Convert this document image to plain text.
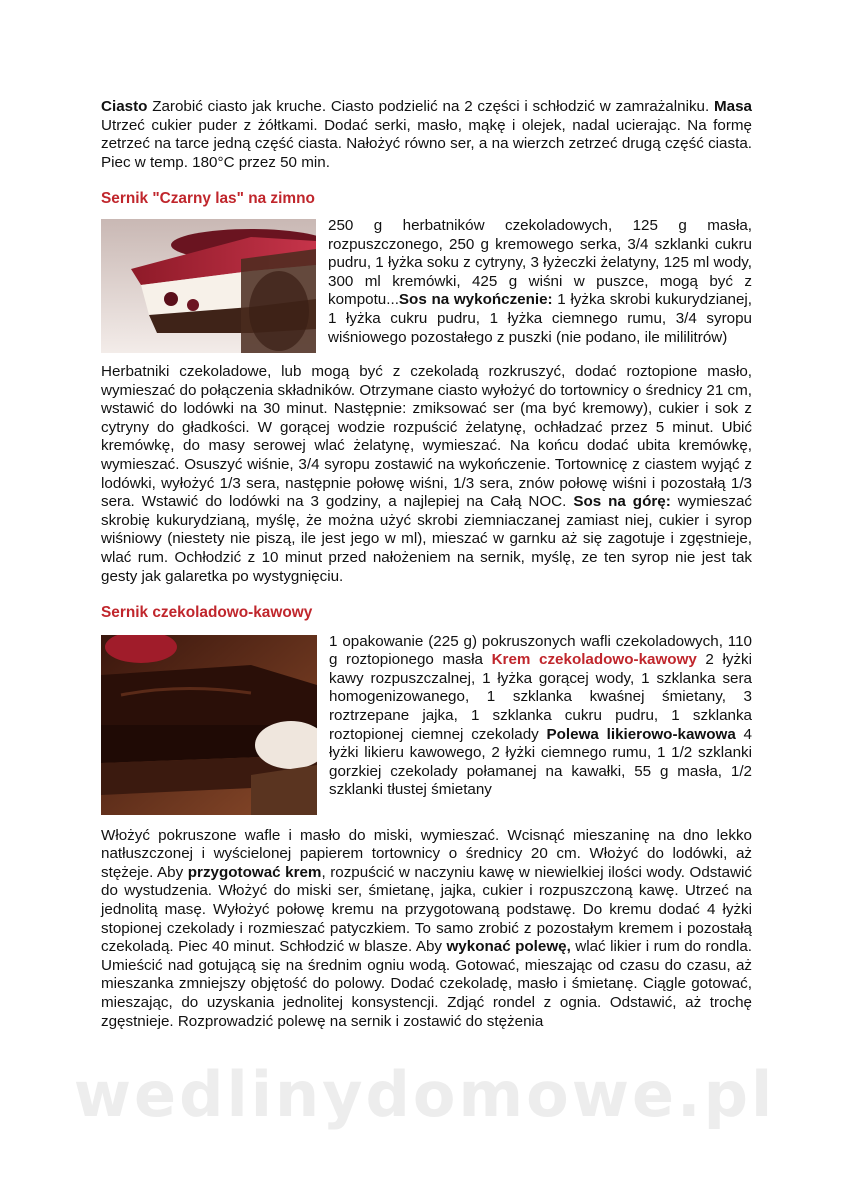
Ciasto Zarobić ciasto jak kruche. Ciasto podzielić na 2 części i schłodzić w zamrażalniku. Masa Utrzeć cukier puder z żółtkami. Dodać serki, masło, mąkę i olejek, nadal ucierając. Na formę zetrzeć na tarce jedną część ciasta. Nałożyć równo ser, a na wierzch zetrzeć drugą część ciasta. Piec w temp. 180°C przez 50 min.

Sernik "Czarny las" na zimno

250 g herbatników czekoladowych, 125 g masła, rozpuszczonego, 250 g kremowego serka, 3/4 szklanki cukru pudru, 1 łyżka soku z cytryny, 3 łyżeczki żelatyny, 125 ml wody, 300 ml kremówki, 425 g wiśni w puszce, mogą być z kompotu...Sos na wykończenie: 1 łyżka skrobi kukurydzianej, 1 łyżka cukru pudru, 1 łyżka ciemnego rumu, 3/4 syropu wiśniowego pozostałego z puszki (nie podano, ile mililitrów)

Herbatniki czekoladowe, lub mogą być z czekoladą rozkruszyć, dodać roztopione masło, wymieszać do połączenia składników. Otrzymane ciasto wyłożyć do tortownicy o średnicy 21 cm, wstawić do lodówki na 30 minut. Następnie: zmiksować ser (ma być kremowy), cukier i sok z cytryny do gładkości. W gorącej wodzie rozpuścić żelatynę, ochładzać przez 5 minut. Ubić kremówkę, do masy serowej wlać żelatynę, wymieszać. Na końcu dodać ubita kremówkę, wymieszać. Osuszyć wiśnie, 3/4 syropu zostawić na wykończenie. Tortownicę z ciastem wyjąć z lodówki, wyłożyć 1/3 sera, następnie połowę wiśni, 1/3 sera, znów połowę wiśni i pozostałą 1/3 sera. Wstawić do lodówki na 3 godziny, a najlepiej na Całą NOC. Sos na górę: wymieszać skrobię kukurydzianą, myślę, że można użyć skrobi ziemniaczanej zamiast niej, cukier i syrop wiśniowy (niestety nie piszą, ile jest jego w ml), mieszać w garnku aż się zagotuje i zgęstnieje, wlać rum. Ochłodzić z 10 minut przed nałożeniem na sernik, myślę, ze ten syrop nie jest tak gesty jak galaretka po wystygnięciu.

Sernik czekoladowo-kawowy

1 opakowanie (225 g) pokruszonych wafli czekoladowych, 110 g roztopionego masła Krem czekoladowo-kawowy 2 łyżki kawy rozpuszczalnej, 1 łyżka gorącej wody, 1 szklanka sera homogenizowanego, 1 szklanka kwaśnej śmietany, 3 roztrzepane jajka, 1 szklanka cukru pudru, 1 szklanka roztopionej ciemnej czekolady Polewa likierowo-kawowa 4 łyżki likieru kawowego, 2 łyżki ciemnego rumu, 1 1/2 szklanki gorzkiej czekolady połamanej na kawałki, 55 g masła, 1/2 szklanki tłustej śmietany

Włożyć pokruszone wafle i masło do miski, wymieszać. Wcisnąć mieszaninę na dno lekko natłuszczonej i wyścielonej papierem tortownicy o średnicy 20 cm. Włożyć do lodówki, aż stężeje. Aby przygotować krem, rozpuścić w naczyniu kawę w niewielkiej ilości wody. Odstawić do wystudzenia. Włożyć do miski ser, śmietanę, jajka, cukier i rozpuszczoną kawę. Utrzeć na jednolitą masę. Wyłożyć połowę kremu na przygotowaną podstawę. Do kremu dodać 4 łyżki stopionej czekolady i rozmieszać patyczkiem. To samo zrobić z pozostałym kremem i pozostałą czekoladą. Piec 40 minut. Schłodzić w blasze. Aby wykonać polewę, wlać likier i rum do rondla. Umieścić nad gotującą się na średnim ogniu wodą. Gotować, mieszając od czasu do czasu, aż mieszanka zmniejszy objętość do polowy. Dodać czekoladę, masło i śmietanę. Ciągle gotować, mieszając, do uzyskania jednolitej konsystencji. Zdjąć rondel z ognia. Odstawić, aż trochę zgęstnieje. Rozprowadzić polewę na sernik i zostawić do stężenia

wedlinydomowe.pl
